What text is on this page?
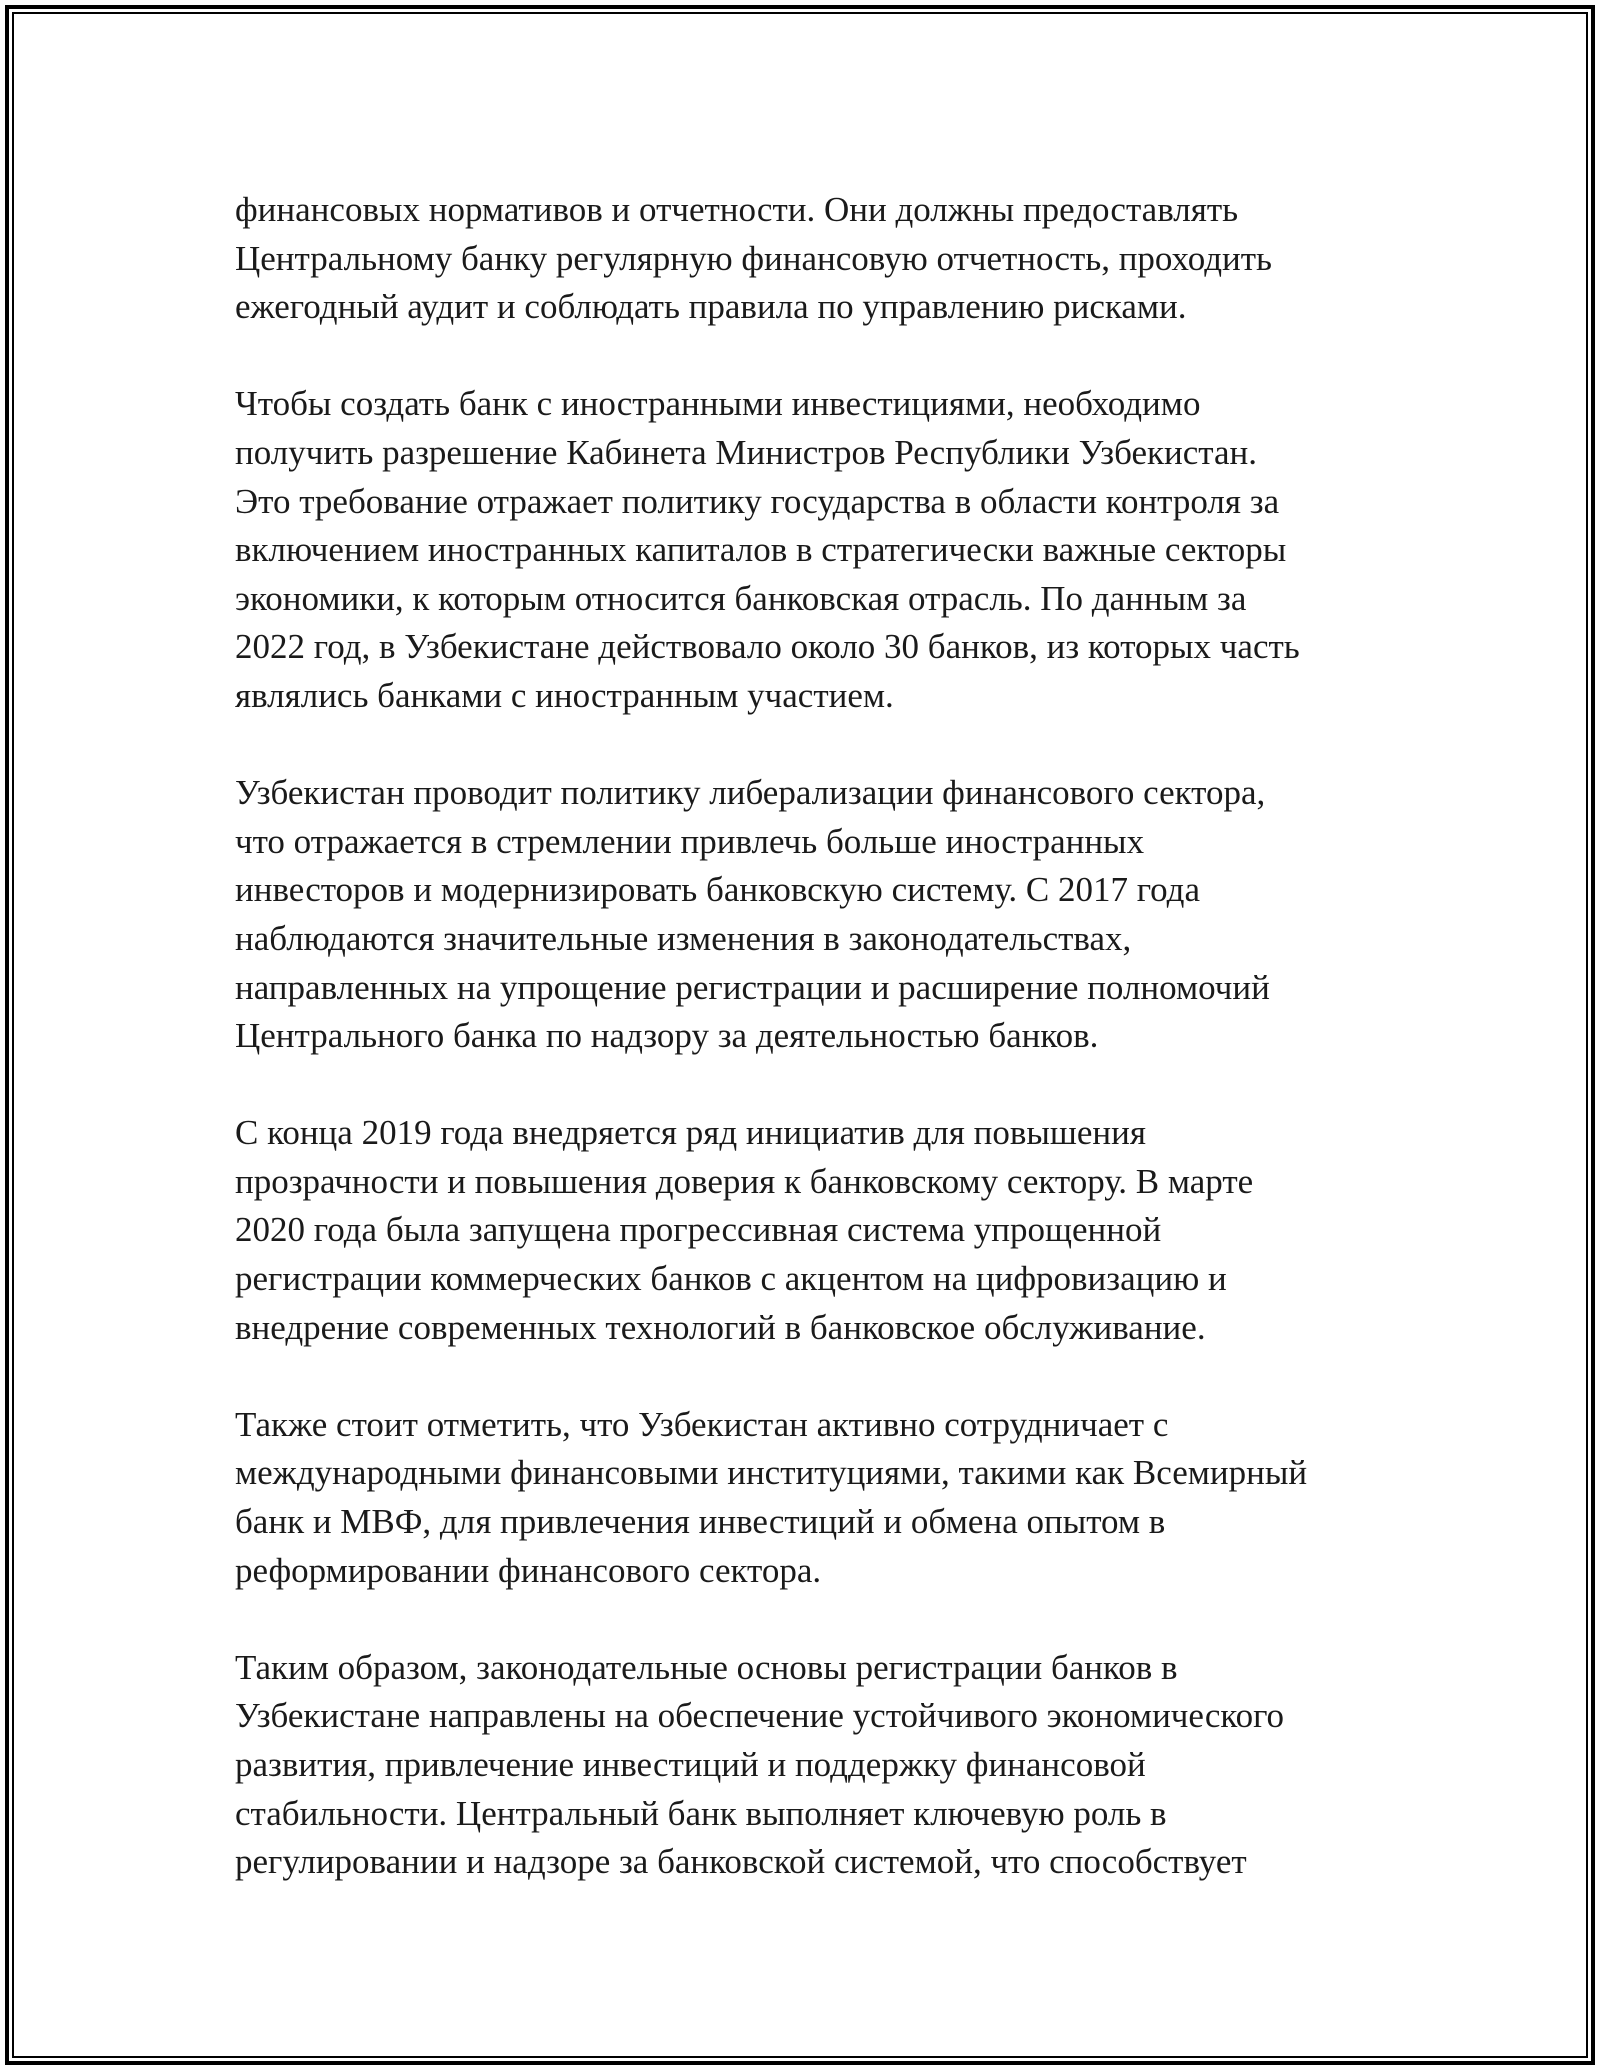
финансовых нормативов и отчетности. Они должны предоставлять
Центральному банку регулярную финансовую отчетность, проходить
ежегодный аудит и соблюдать правила по управлению рисками.

Чтобы создать банк с иностранными инвестициями, необходимо
получить разрешение Кабинета Министров Республики Узбекистан.
Это требование отражает политику государства в области контроля за
включением иностранных капиталов в стратегически важные секторы
экономики, к которым относится банковская отрасль. По данным за
2022 год, в Узбекистане действовало около 30 банков, из которых часть
являлись банками с иностранным участием.

Узбекистан проводит политику либерализации финансового сектора,
что отражается в стремлении привлечь больше иностранных
инвесторов и модернизировать банковскую систему. С 2017 года
наблюдаются значительные изменения в законодательствах,
направленных на упрощение регистрации и расширение полномочий
Центрального банка по надзору за деятельностью банков.

С конца 2019 года внедряется ряд инициатив для повышения
прозрачности и повышения доверия к банковскому сектору. В марте
2020 года была запущена прогрессивная система упрощенной
регистрации коммерческих банков с акцентом на цифровизацию и
внедрение современных технологий в банковское обслуживание.

Также стоит отметить, что Узбекистан активно сотрудничает с
международными финансовыми институциями, такими как Всемирный
банк и МВФ, для привлечения инвестиций и обмена опытом в
реформировании финансового сектора.

Таким образом, законодательные основы регистрации банков в
Узбекистане направлены на обеспечение устойчивого экономического
развития, привлечение инвестиций и поддержку финансовой
стабильности. Центральный банк выполняет ключевую роль в
регулировании и надзоре за банковской системой, что способствует
